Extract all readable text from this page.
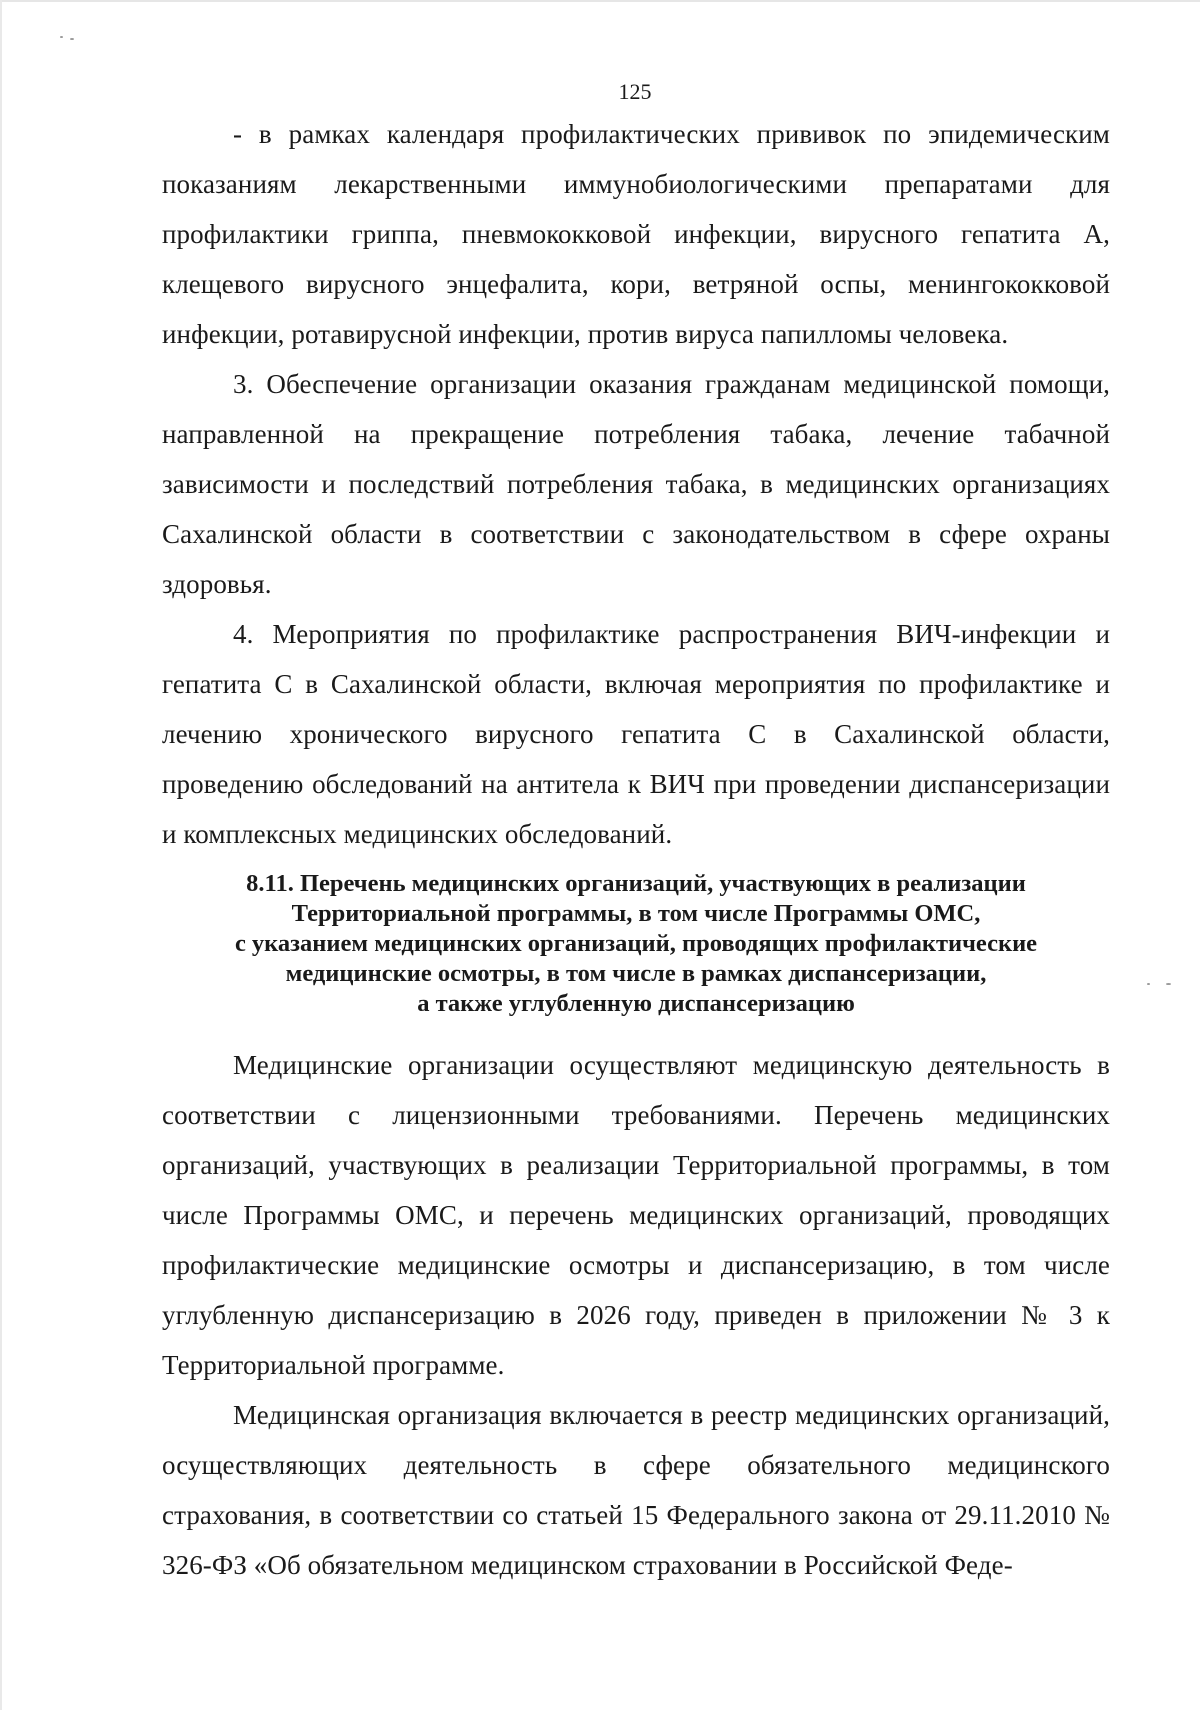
125

- в рамках календаря профилактических прививок по эпидемическим показаниям лекарственными иммунобиологическими препаратами для профилактики гриппа, пневмококковой инфекции, вирусного гепатита А, клещевого вирусного энцефалита, кори, ветряной оспы, менингококковой инфекции, ротавирусной инфекции, против вируса папилломы человека.

3. Обеспечение организации оказания гражданам медицинской помощи, направленной на прекращение потребления табака, лечение табачной зависимости и последствий потребления табака, в медицинских организациях Сахалинской области в соответствии с законодательством в сфере охраны здоровья.

4. Мероприятия по профилактике распространения ВИЧ-инфекции и гепатита С в Сахалинской области, включая мероприятия по профилактике и лечению хронического вирусного гепатита С в Сахалинской области, проведению обследований на антитела к ВИЧ при проведении диспансеризации и комплексных медицинских обследований.

8.11. Перечень медицинских организаций, участвующих в реализации
Территориальной программы, в том числе Программы ОМС,
с указанием медицинских организаций, проводящих профилактические
медицинские осмотры, в том числе в рамках диспансеризации,
а также углубленную диспансеризацию

Медицинские организации осуществляют медицинскую деятельность в соответствии с лицензионными требованиями. Перечень медицинских организаций, участвующих в реализации Территориальной программы, в том числе Программы ОМС, и перечень медицинских организаций, проводящих профилактические медицинские осмотры и диспансеризацию, в том числе углубленную диспансеризацию в 2026 году, приведен в приложении № 3 к Территориальной программе.

Медицинская организация включается в реестр медицинских организаций, осуществляющих деятельность в сфере обязательного медицинского страхования, в соответствии со статьей 15 Федерального закона от 29.11.2010 № 326-ФЗ «Об обязательном медицинском страховании в Российской Феде-
